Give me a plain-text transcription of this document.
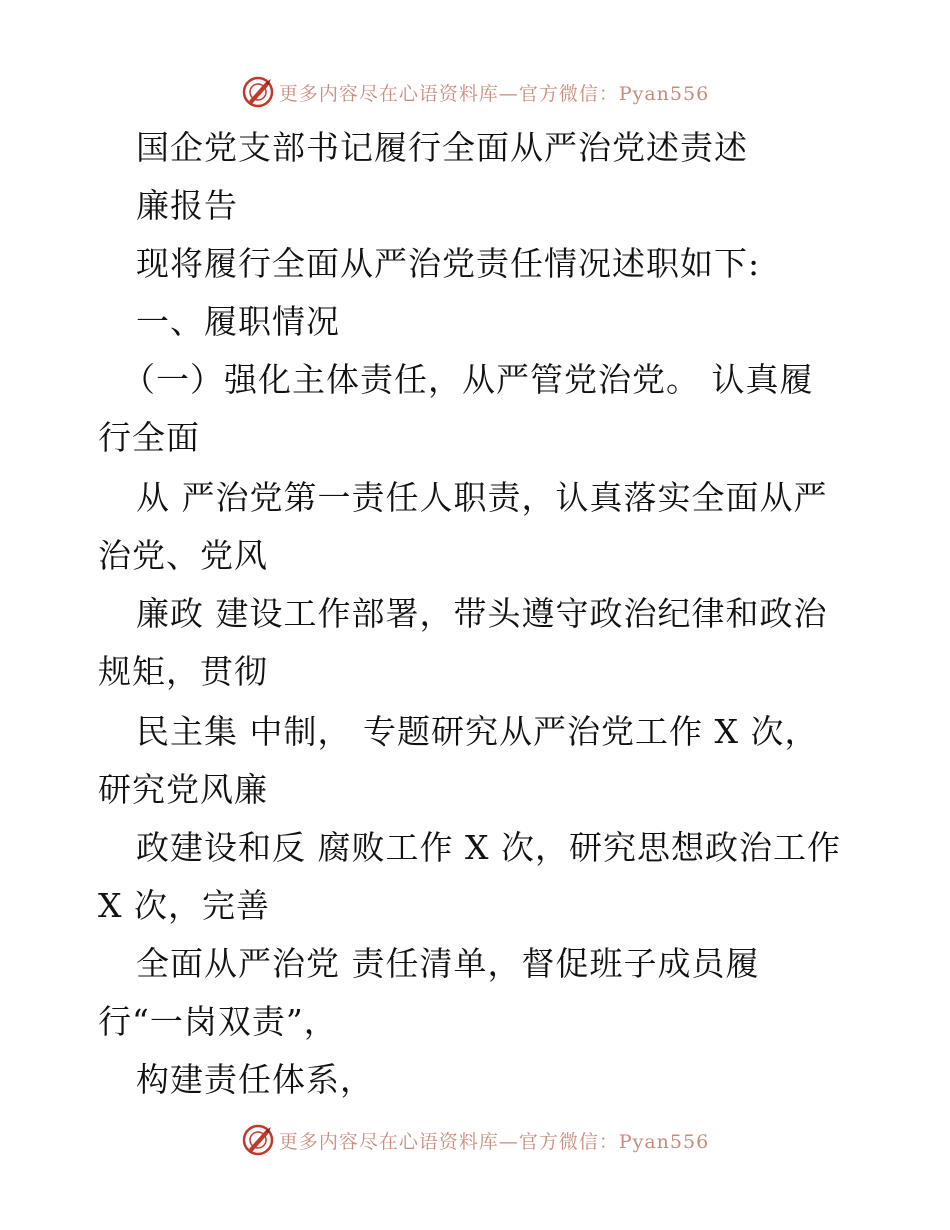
更多内容尽在心语资料库—官方微信：Pyan556
国企党支部书记履行全面从严治党述责述
廉报告
现将履行全面从严治党责任情况述职如下:
一、履职情况
（一）强化主体责任，从严管党治党。 认真履
行全面
从 严治党第一责任人职责，认真落实全面从严
治党、党风
廉政 建设工作部署，带头遵守政治纪律和政治
规矩，贯彻
民主集 中制， 专题研究从严治党工作 X 次，
研究党风廉
政建设和反 腐败工作 X 次，研究思想政治工作
X 次，完善
全面从严治党 责任清单，督促班子成员履
行“一岗双责”，
构建责任体系，
更多内容尽在心语资料库—官方微信：Pyan556
